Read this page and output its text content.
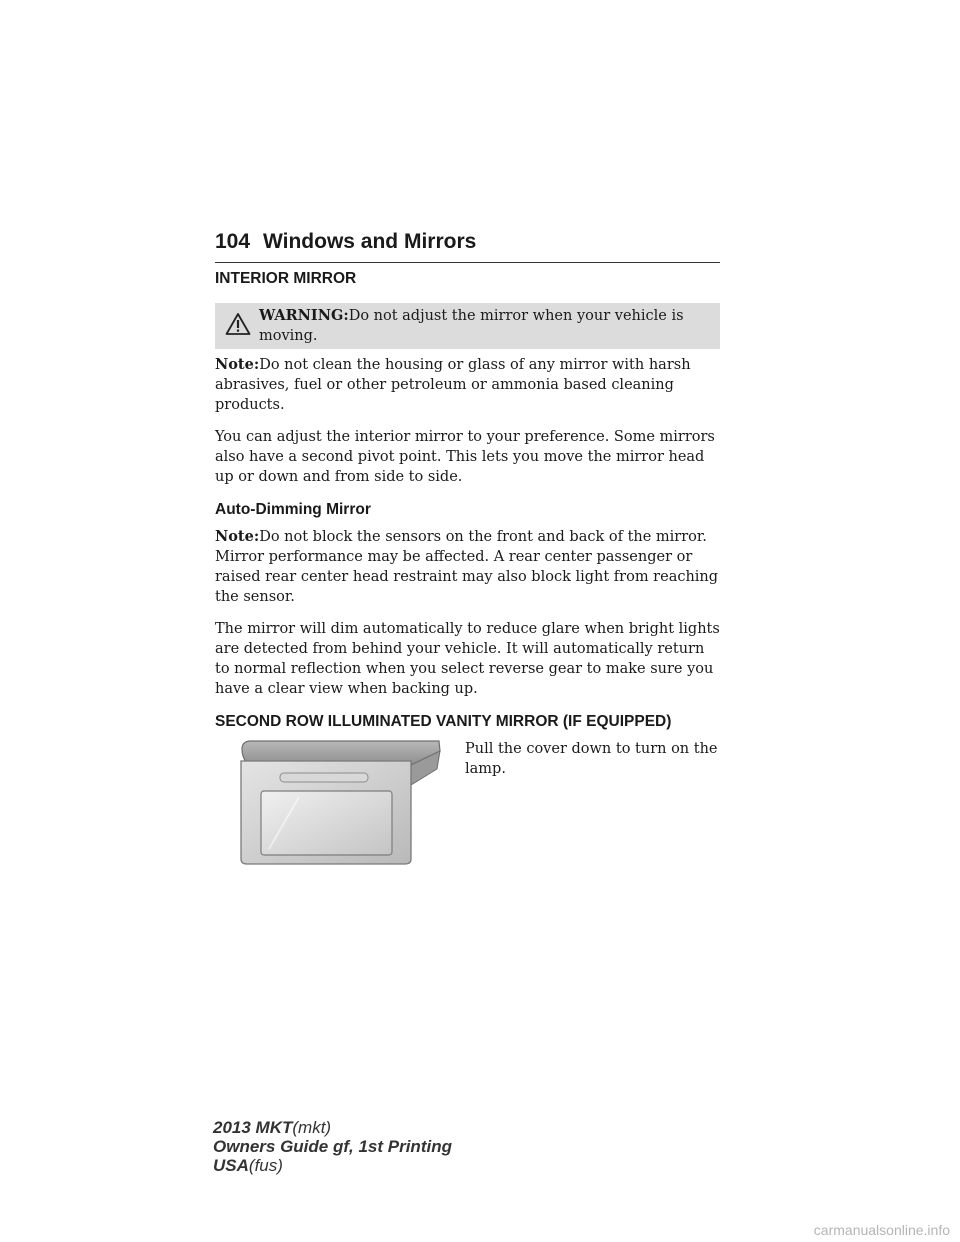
104 Windows and Mirrors
INTERIOR MIRROR

WARNING:Do not adjust the mirror when your vehicle is moving.

Note:Do not clean the housing or glass of any mirror with harsh abrasives, fuel or other petroleum or ammonia based cleaning products.

You can adjust the interior mirror to your preference. Some mirrors also have a second pivot point. This lets you move the mirror head up or down and from side to side.

Auto-Dimming Mirror

Note:Do not block the sensors on the front and back of the mirror. Mirror performance may be affected. A rear center passenger or raised rear center head restraint may also block light from reaching the sensor.

The mirror will dim automatically to reduce glare when bright lights are detected from behind your vehicle. It will automatically return to normal reflection when you select reverse gear to make sure you have a clear view when backing up.

SECOND ROW ILLUMINATED VANITY MIRROR (IF EQUIPPED)

Pull the cover down to turn on the lamp.

2013 MKT(mkt)
Owners Guide gf, 1st Printing
USA(fus)
carmanualsonline.info
